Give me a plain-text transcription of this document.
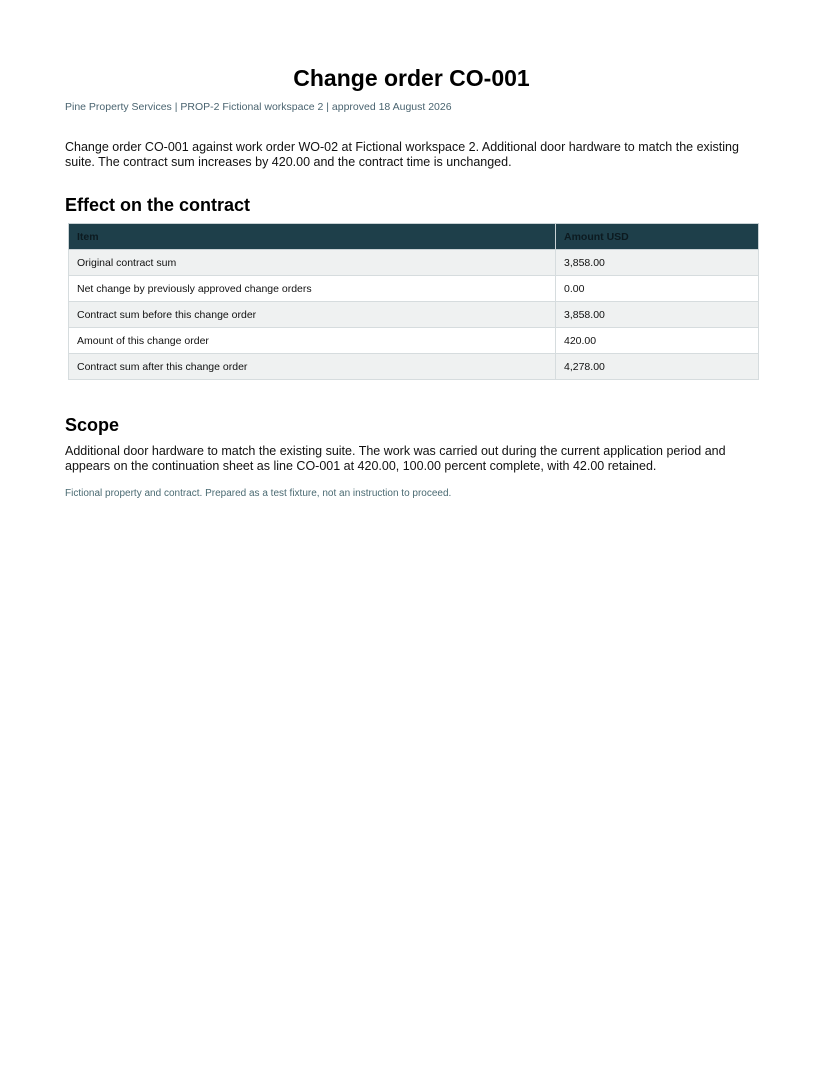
Change order CO-001
Pine Property Services | PROP-2 Fictional workspace 2 | approved 18 August 2026

Change order CO-001 against work order WO-02 at Fictional workspace 2. Additional door hardware to match the existing suite. The contract sum increases by 420.00 and the contract time is unchanged.

Effect on the contract
Item	Amount USD
Original contract sum	3,858.00
Net change by previously approved change orders	0.00
Contract sum before this change order	3,858.00
Amount of this change order	420.00
Contract sum after this change order	4,278.00
Scope

Additional door hardware to match the existing suite. The work was carried out during the current application period and appears on the continuation sheet as line CO-001 at 420.00, 100.00 percent complete, with 42.00 retained.

Fictional property and contract. Prepared as a test fixture, not an instruction to proceed.
